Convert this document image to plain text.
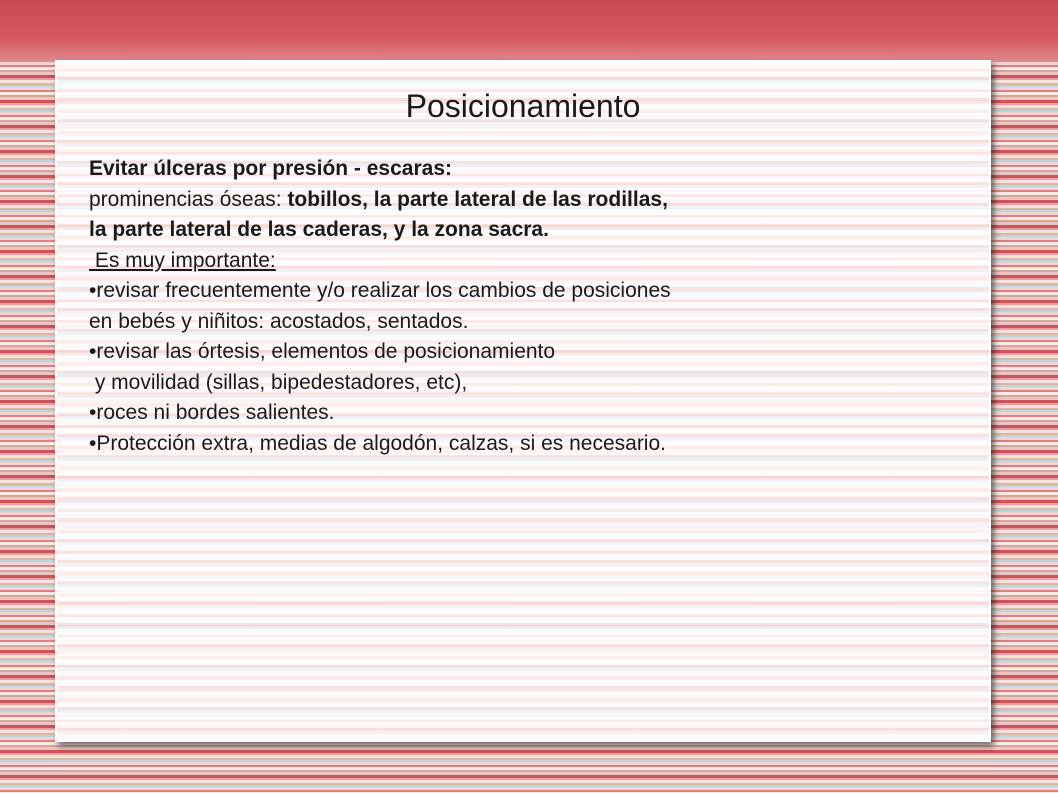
Posicionamiento
Evitar úlceras por presión - escaras:
prominencias óseas: tobillos, la parte lateral de las rodillas,
la parte lateral de las caderas, y la zona sacra.
Es muy importante:
•revisar frecuentemente y/o realizar los cambios de posiciones
en bebés y niñitos: acostados, sentados.
•revisar las órtesis, elementos de posicionamiento
y movilidad (sillas, bipedestadores, etc),
•roces ni bordes salientes.
•Protección extra, medias de algodón, calzas, si es necesario.
